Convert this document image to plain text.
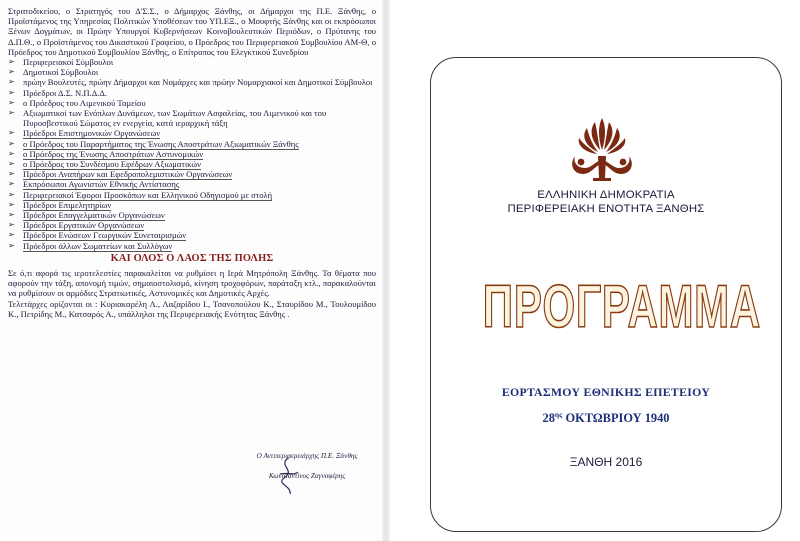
Στρατοδικείου, ο Στρατηγός του Δ'Σ.Σ., ο Δήμαρχος Ξάνθης, οι Δήμαρχοι της Π.Ε. Ξάνθης, ο Προϊστάμενος της Υπηρεσίας Πολιτικών Υποθέσεων του ΥΠ.ΕΞ., ο Μουφτής Ξάνθης και οι εκπρόσωποι Ξένων Δογμάτων, οι Πρώην Υπουργοί Κυβερνήσεων Κοινοβουλευτικών Περιόδων, ο Πρύτανης του Δ.Π.Θ., ο Προϊστάμενος του Δικαστικού Γραφείου, ο Πρόεδρος του Περιφερειακού Συμβουλίου ΑΜ-Θ, ο Πρόεδρος του Δημοτικού Συμβουλίου Ξάνθης, ο Επίτροπος του Ελεγκτικού Συνεδρίου

➢ Περιφερειακοί Σύμβουλοι
➢ Δημοτικοί Σύμβουλοι
➢ πρώην Βουλευτές, πρώην Δήμαρχοι και Νομάρχες και πρώην Νομαρχιακοί και Δημοτικοί Σύμβουλοι
➢ Πρόεδροι Δ.Σ. Ν.Π.Δ.Δ.
➢ ο Πρόεδρος του Λιμενικού Ταμείου
➢ Αξιωματικοί των Ενόπλων Δυνάμεων, των Σωμάτων Ασφαλείας, του Λιμενικού και του Πυροσβεστικού Σώματος εν ενεργεία, κατά ιεραρχική τάξη
➢ Πρόεδροι Επιστημονικών Οργανώσεων
➢ ο Πρόεδρος του Παραρτήματος της Ένωσης Αποστράτων Αξιωματικών Ξάνθης
➢ ο Πρόεδρος της Ένωσης Αποστράτων Αστυνομικών
➢ ο Πρόεδρος του Συνδέσμου Εφέδρων Αξιωματικών
➢ Πρόεδροι Αναπήρων και Εφεδροπολεμιστικών Οργανώσεων
➢ Εκπρόσωποι Αγωνιστών Εθνικής Αντίστασης
➢ Περιφερειακοί Έφοροι Προσκόπων και Ελληνικού Οδηγισμού με στολή
➢ Πρόεδροι Επιμελητηρίων
➢ Πρόεδροι Επαγγελματικών Οργανώσεων
➢ Πρόεδροι Εργατικών Οργανώσεων
➢ Πρόεδροι Ενώσεων Γεωργικών Συνεταιρισμών
➢ Πρόεδροι άλλων Σωματείων και Συλλόγων
ΚΑΙ ΟΛΟΣ Ο ΛΑΟΣ ΤΗΣ ΠΟΛΗΣ

Σε ό,τι αφορά τις ιεροτελεστίες παρακαλείται να ρυθμίσει η Ιερά Μητρόπολη Ξάνθης. Τα θέματα που αφορούν την τάξη, απονομή τιμών, σημαιοστολισμό, κίνηση τροχοφόρων, παράταξη κτλ., παρακαλούνται να ρυθμίσουν οι αρμόδιες Στρατιωτικές, Αστυνομικές και Δημοτικές Αρχές.

Τελετάρχες ορίζονται οι : Κυριακαρέλη Λ., Λαζαρίδου Ι., Τσανοπούλου Κ., Σταυρίδου Μ., Τουλουμίδου Κ., Πετρίδης Μ., Κατσαρός Α., υπάλληλοι της Περιφερειακής Ενότητας Ξάνθης .

Ο Αντιπεριφερειάρχης Π.Ε. Ξάνθης
Κωνσταντίνος Ζαγναφέρης
ΕΛΛΗΝΙΚΗ ΔΗΜΟΚΡΑΤΙΑ
ΠΕΡΙΦΕΡΕΙΑΚΗ ΕΝΟΤΗΤΑ ΞΑΝΘΗΣ
ΠΡΟΓΡΑΜΜΑ
ΕΟΡΤΑΣΜΟΥ ΕΘΝΙΚΗΣ ΕΠΕΤΕΙΟΥ
$28^{\eta\varsigma}$ ΟΚΤΩΒΡΙΟΥ 1940
ΞΑΝΘΗ 2016
